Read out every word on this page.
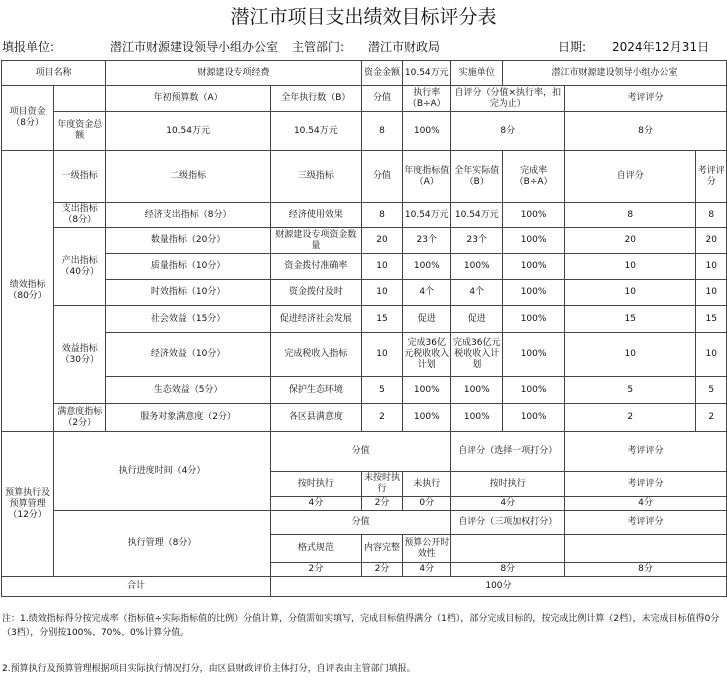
潜江市项目支出绩效目标评分表
填报单位:	潜江市财源建设领导小组办公室 主管部门: 潜江市财政局	日期: 2024年12月31日
项目名称		财源建设专项经费		资金金额	10.54万元	实施单位	潜江市财源建设领导小组办公室		
项目资金（8分）		年初预算数（A）	全年执行数（B）	分值	执行率（B÷A）	自评分（分值×执行率，扣完为止）		考评评分	
	年度资金总额	10.54万元	10.54万元	8	100%	8分		8分	
绩效指标（80分）	一级指标	二级指标	三级指标	分值	年度指标值（A）	全年实际值（B）	完成率（B÷A）	自评分	考评评分
	支出指标（8分）	经济支出指标（8分）	经济使用效果	8	10.54万元	10.54万元	100%	8	8
	产出指标（40分）	数量指标（20分）	财源建设专项资金数量	20	23个	23个	100%	20	20
		质量指标（10分）	资金拨付准确率	10	100%	100%	100%	10	10
		时效指标（10分）	资金拨付及时	10	4个	4个	100%	10	10
	效益指标（30分）	社会效益（15分）	促进经济社会发展	15	促进	促进	100%	15	15
		经济效益（10分）	完成税收入指标	10	完成36亿元税收收入计划	完成36亿元税收收入计划	100%	10	10
		生态效益（5分）	保护生态环境	5	100%	100%	100%	5	5
	满意度指标（2分）	服务对象满意度（2分）	各区县满意度	2	100%	100%	100%	2	2
预算执行及预算管理（12分）	执行进度时间（4分）		分值			自评分（选择一项打分）		考评评分	
			按时执行	未按时执行	未执行	按时执行		考评评分	
			4分	2分	0分	4分		4分	
	执行管理（8分）		分值			自评分（三项加权打分）		考评评分	
			格式规范	内容完整	预算公开时效性				
			2分	2分	4分	8分		8分	
合计			100分						
注：1.绩效指标得分按完成率（指标值÷实际指标值的比例）分值计算，分值需如实填写，完成目标值得满分（1档），部分完成目标的，按完成比例计算（2档），未完成目标值得0分（3档），分别按100%、70%、0%计算分值。
2.预算执行及预算管理根据项目实际执行情况打分，由区县财政评价主体打分，自评表由主管部门填报。
